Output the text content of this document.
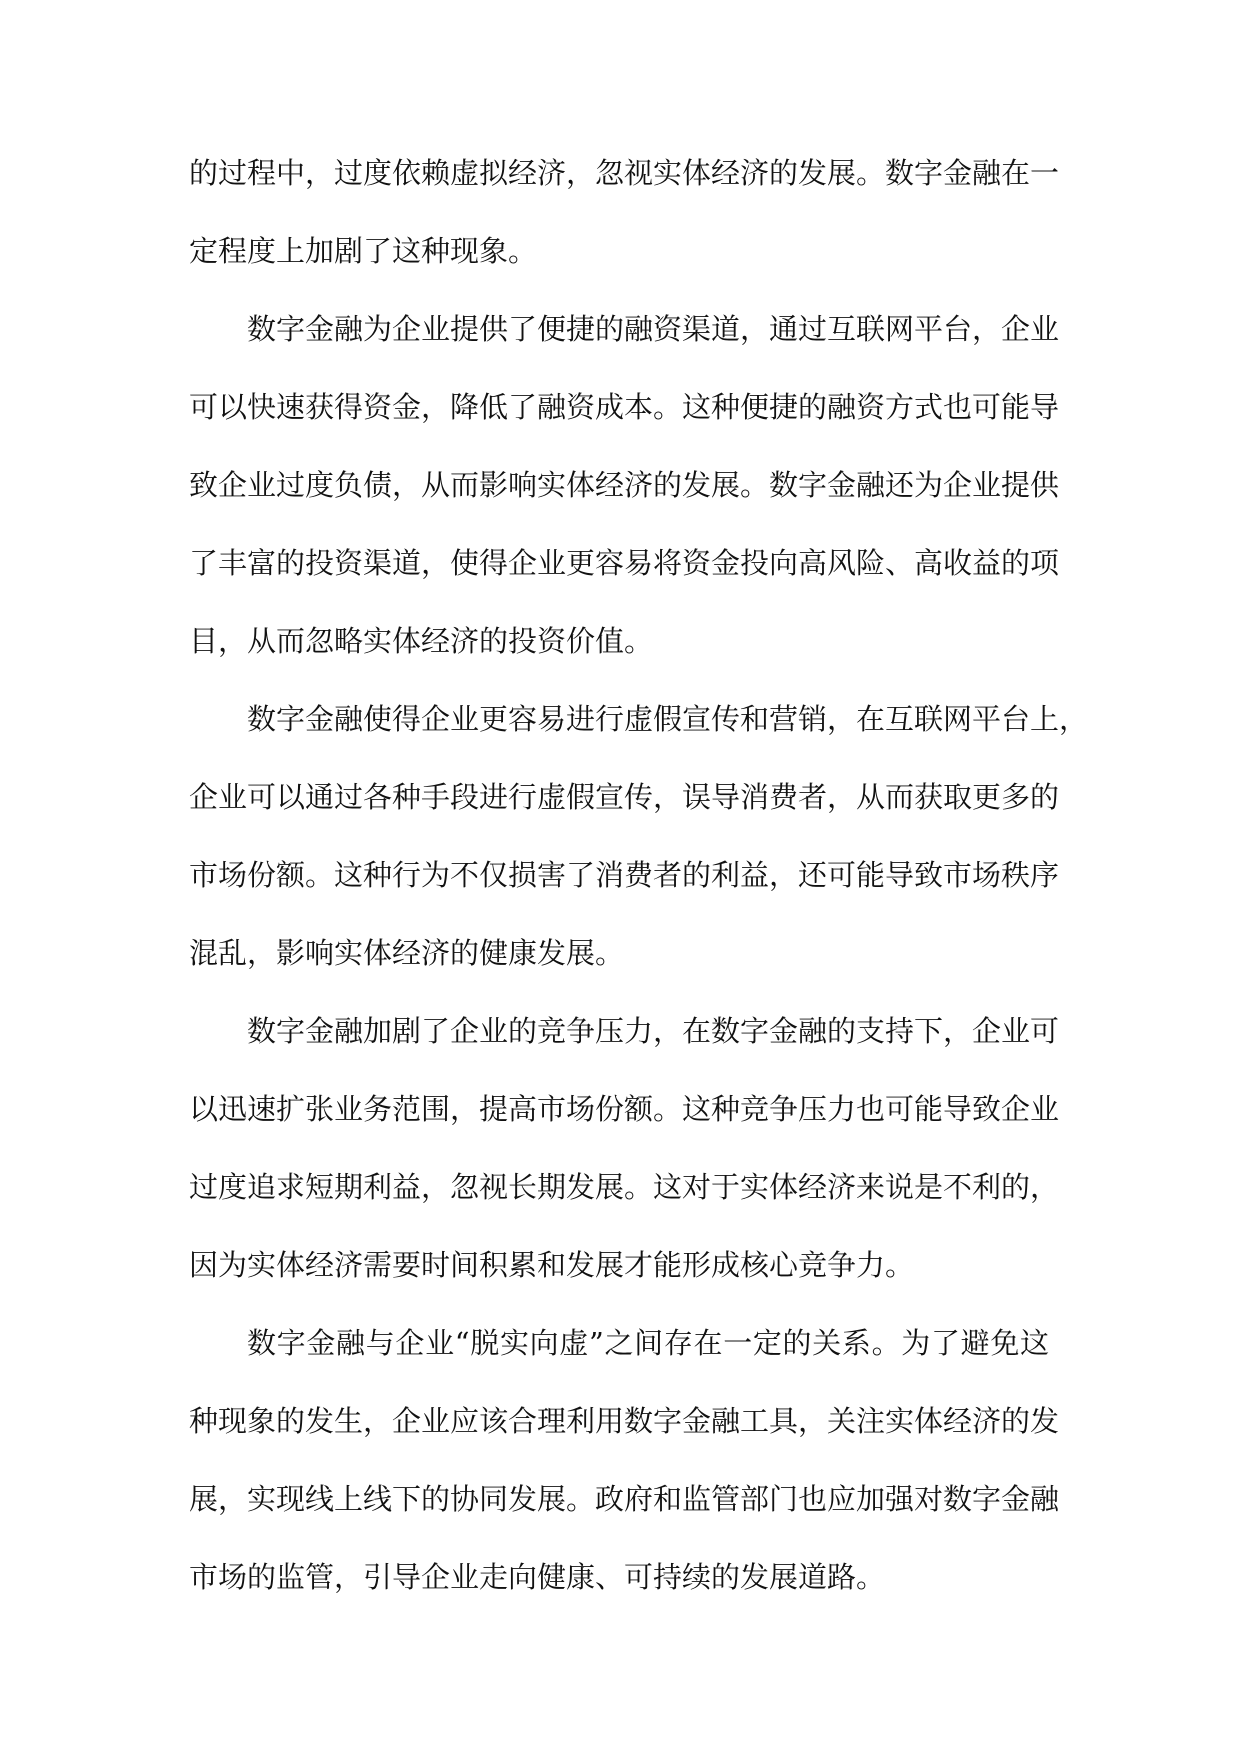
的过程中，过度依赖虚拟经济，忽视实体经济的发展。数字金融在一
定程度上加剧了这种现象。
数字金融为企业提供了便捷的融资渠道，通过互联网平台，企业
可以快速获得资金，降低了融资成本。这种便捷的融资方式也可能导
致企业过度负债，从而影响实体经济的发展。数字金融还为企业提供
了丰富的投资渠道，使得企业更容易将资金投向高风险、高收益的项
目，从而忽略实体经济的投资价值。
数字金融使得企业更容易进行虚假宣传和营销，在互联网平台上，
企业可以通过各种手段进行虚假宣传，误导消费者，从而获取更多的
市场份额。这种行为不仅损害了消费者的利益，还可能导致市场秩序
混乱，影响实体经济的健康发展。
数字金融加剧了企业的竞争压力，在数字金融的支持下，企业可
以迅速扩张业务范围，提高市场份额。这种竞争压力也可能导致企业
过度追求短期利益，忽视长期发展。这对于实体经济来说是不利的，
因为实体经济需要时间积累和发展才能形成核心竞争力。
数字金融与企业“脱实向虚”之间存在一定的关系。为了避免这
种现象的发生，企业应该合理利用数字金融工具，关注实体经济的发
展，实现线上线下的协同发展。政府和监管部门也应加强对数字金融
市场的监管，引导企业走向健康、可持续的发展道路。
